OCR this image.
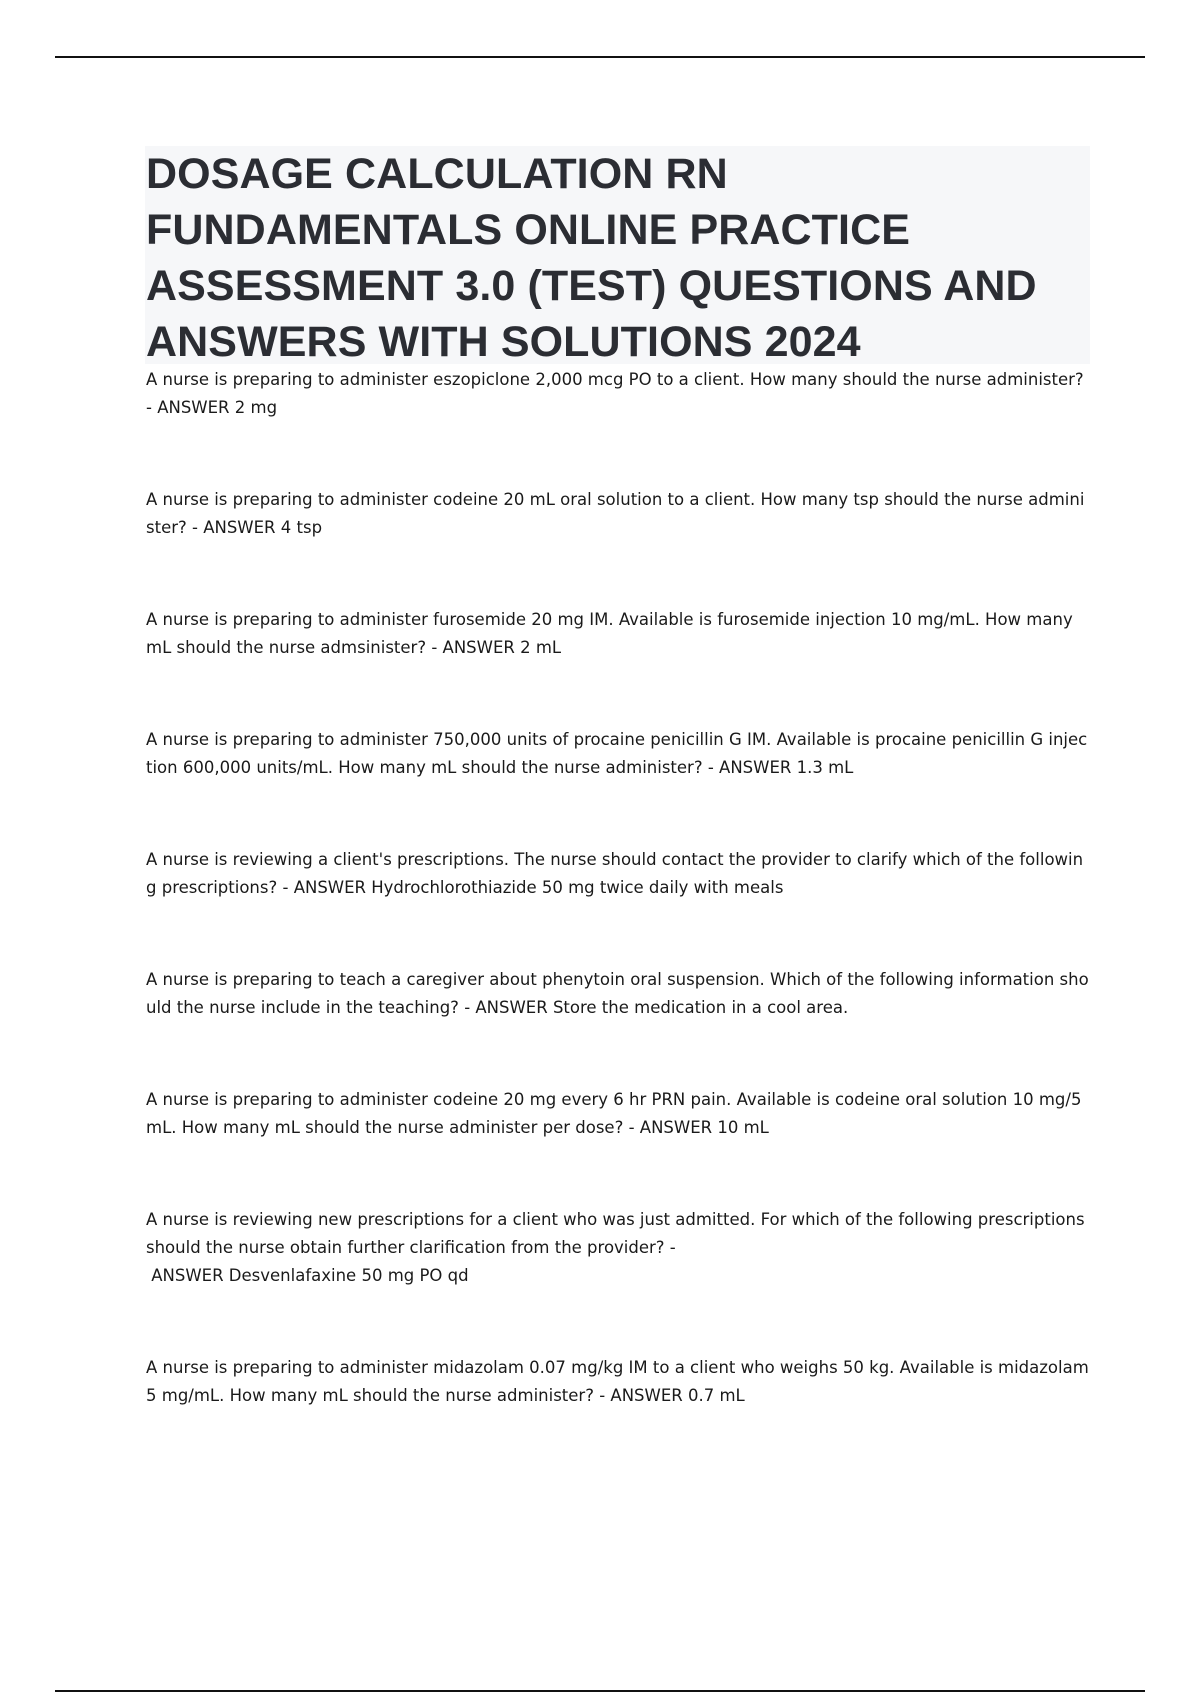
DOSAGE CALCULATION RN FUNDAMENTALS ONLINE PRACTICE ASSESSMENT 3.0 (TEST) QUESTIONS AND ANSWERS WITH SOLUTIONS 2024
A nurse is preparing to administer eszopiclone 2,000 mcg PO to a client. How many should the nurse administer? - ANSWER 2 mg
A nurse is preparing to administer codeine 20 mL oral solution to a client. How many tsp should the nurse administer? - ANSWER 4 tsp
A nurse is preparing to administer furosemide 20 mg IM. Available is furosemide injection 10 mg/mL. How many mL should the nurse admsinister? - ANSWER 2 mL
A nurse is preparing to administer 750,000 units of procaine penicillin G IM. Available is procaine penicillin G injection 600,000 units/mL. How many mL should the nurse administer? - ANSWER 1.3 mL
A nurse is reviewing a client's prescriptions. The nurse should contact the provider to clarify which of the following prescriptions? - ANSWER Hydrochlorothiazide 50 mg twice daily with meals
A nurse is preparing to teach a caregiver about phenytoin oral suspension. Which of the following information should the nurse include in the teaching? - ANSWER Store the medication in a cool area.
A nurse is preparing to administer codeine 20 mg every 6 hr PRN pain. Available is codeine oral solution 10 mg/5 mL. How many mL should the nurse administer per dose? - ANSWER 10 mL
A nurse is reviewing new prescriptions for a client who was just admitted. For which of the following prescriptions should the nurse obtain further clarification from the provider? -
ANSWER Desvenlafaxine 50 mg PO qd
A nurse is preparing to administer midazolam 0.07 mg/kg IM to a client who weighs 50 kg. Available is midazolam 5 mg/mL. How many mL should the nurse administer? - ANSWER 0.7 mL
